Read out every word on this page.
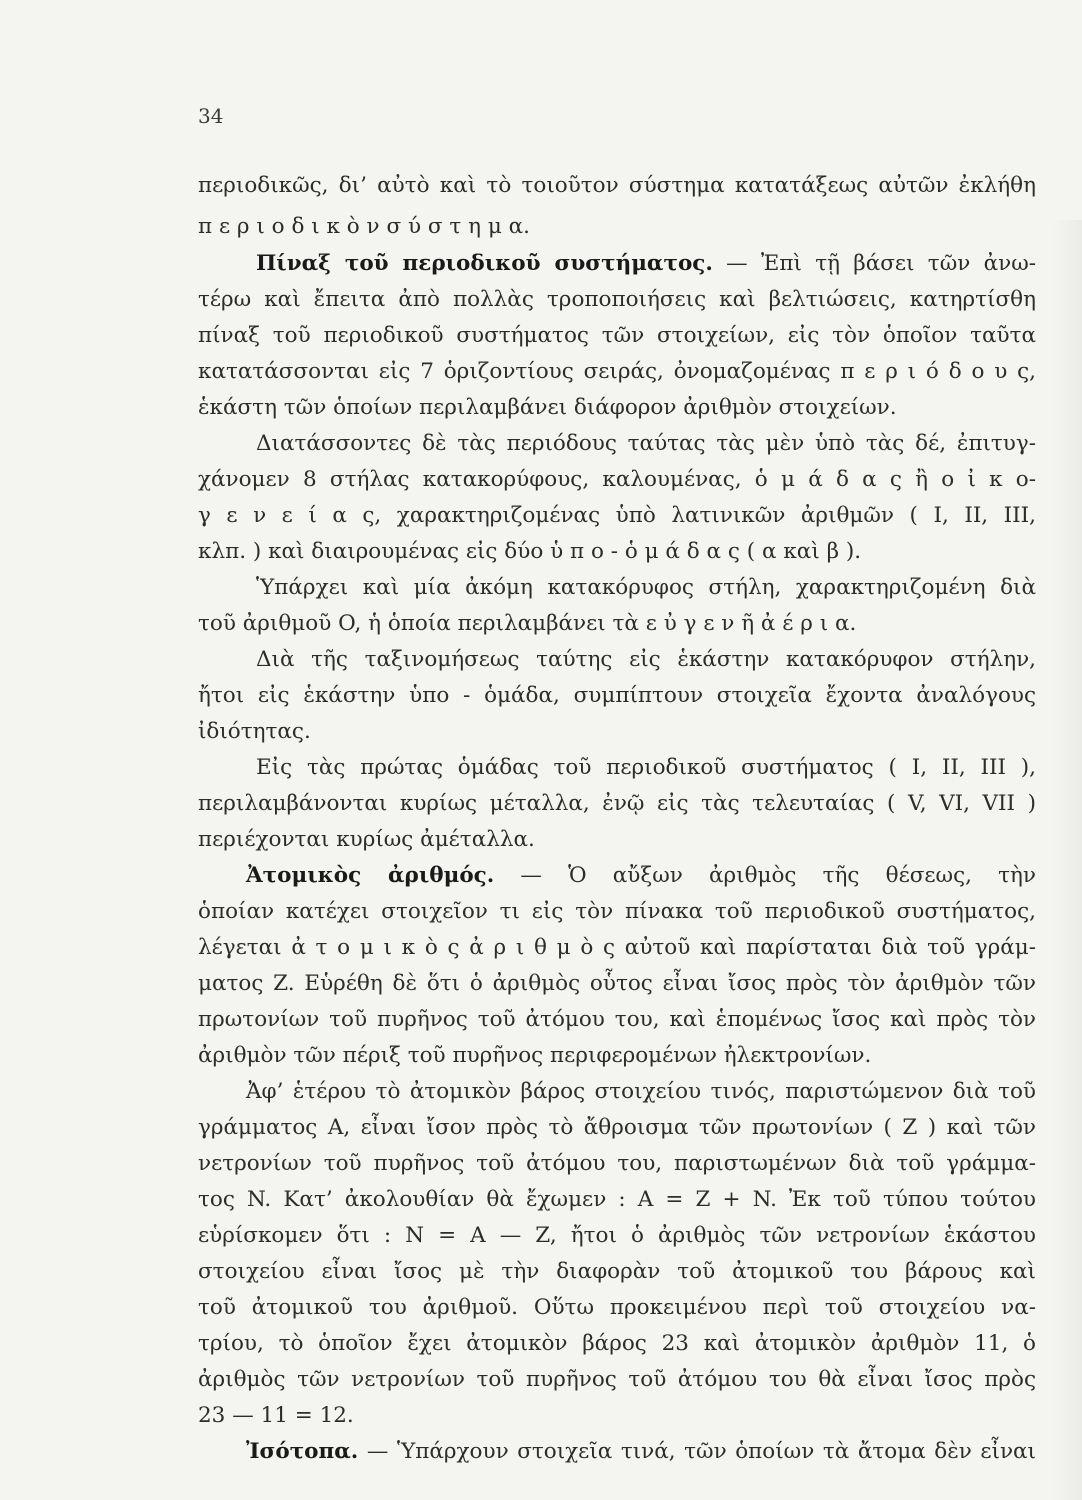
34
περιοδικῶς, δι’ αὐτὸ καὶ τὸ τοιοῦτον σύστημα κατατάξεως αὐτῶν ἐκλήθη
π ε ρ ι ο δ ι κ ὸ ν σ ύ σ τ η μ α.
Πίναξ τοῦ περιοδικοῦ συστήματος. — Ἐπὶ τῇ βάσει τῶν ἀνω-
τέρω καὶ ἔπειτα ἀπὸ πολλὰς τροποποιήσεις καὶ βελτιώσεις, κατηρτίσθη
πίναξ τοῦ περιοδικοῦ συστήματος τῶν στοιχείων, εἰς τὸν ὁποῖον ταῦτα
κατατάσσονται εἰς 7 ὁριζοντίους σειράς, ὀνομαζομένας π ε ρ ι ό δ ο υ ς,
ἑκάστη τῶν ὁποίων περιλαμβάνει διάφορον ἀριθμὸν στοιχείων.
Διατάσσοντες δὲ τὰς περιόδους ταύτας τὰς μὲν ὑπὸ τὰς δέ, ἐπιτυγ-
χάνομεν 8 στήλας κατακορύφους, καλουμένας, ὁ μ ά δ α ς ἢ ο ἰ κ ο-
γ ε ν ε ί α ς, χαρακτηριζομένας ὑπὸ λατινικῶν ἀριθμῶν ( I, II, III,
κλπ. ) καὶ διαιρουμένας εἰς δύο ὑ π ο - ὁ μ ά δ α ς ( α καὶ β ).
Ὑπάρχει καὶ μία ἀκόμη κατακόρυφος στήλη, χαρακτηριζομένη διὰ
τοῦ ἀριθμοῦ O, ἡ ὁποία περιλαμβάνει τὰ ε ὐ γ ε ν ῆ ἀ έ ρ ι α.
Διὰ τῆς ταξινομήσεως ταύτης εἰς ἑκάστην κατακόρυφον στήλην,
ἤτοι εἰς ἑκάστην ὑπο - ὁμάδα, συμπίπτουν στοιχεῖα ἔχοντα ἀναλόγους
ἰδιότητας.
Εἰς τὰς πρώτας ὁμάδας τοῦ περιοδικοῦ συστήματος ( I, II, III ),
περιλαμβάνονται κυρίως μέταλλα, ἐνῷ εἰς τὰς τελευταίας ( V, VI, VII )
περιέχονται κυρίως ἀμέταλλα.
Ἀτομικὸς ἀριθμός. — Ὁ αὔξων ἀριθμὸς τῆς θέσεως, τὴν
ὁποίαν κατέχει στοιχεῖον τι εἰς τὸν πίνακα τοῦ περιοδικοῦ συστήματος,
λέγεται ἀ τ ο μ ι κ ὸ ς ἀ ρ ι θ μ ὸ ς αὐτοῦ καὶ παρίσταται διὰ τοῦ γράμ-
ματος Z. Εὑρέθη δὲ ὅτι ὁ ἀριθμὸς οὗτος εἶναι ἴσος πρὸς τὸν ἀριθμὸν τῶν
πρωτονίων τοῦ πυρῆνος τοῦ ἀτόμου του, καὶ ἑπομένως ἴσος καὶ πρὸς τὸν
ἀριθμὸν τῶν πέριξ τοῦ πυρῆνος περιφερομένων ἠλεκτρονίων.
Ἀφ’ ἑτέρου τὸ ἀτομικὸν βάρος στοιχείου τινός, παριστώμενον διὰ τοῦ
γράμματος A, εἶναι ἴσον πρὸς τὸ ἄθροισμα τῶν πρωτονίων ( Z ) καὶ τῶν
νετρονίων τοῦ πυρῆνος τοῦ ἀτόμου του, παριστωμένων διὰ τοῦ γράμμα-
τος N. Κατ’ ἀκολουθίαν θὰ ἔχωμεν : A = Z + N. Ἐκ τοῦ τύπου τούτου
εὑρίσκομεν ὅτι : N = A — Z, ἤτοι ὁ ἀριθμὸς τῶν νετρονίων ἑκάστου
στοιχείου εἶναι ἴσος μὲ τὴν διαφορὰν τοῦ ἀτομικοῦ του βάρους καὶ
τοῦ ἀτομικοῦ του ἀριθμοῦ. Οὕτω προκειμένου περὶ τοῦ στοιχείου να-
τρίου, τὸ ὁποῖον ἔχει ἀτομικὸν βάρος 23 καὶ ἀτομικὸν ἀριθμὸν 11, ὁ
ἀριθμὸς τῶν νετρονίων τοῦ πυρῆνος τοῦ ἀτόμου του θὰ εἶναι ἴσος πρὸς
23 — 11 = 12.
Ἰσότοπα. — Ὑπάρχουν στοιχεῖα τινά, τῶν ὁποίων τὰ ἄτομα δὲν εἶναι
